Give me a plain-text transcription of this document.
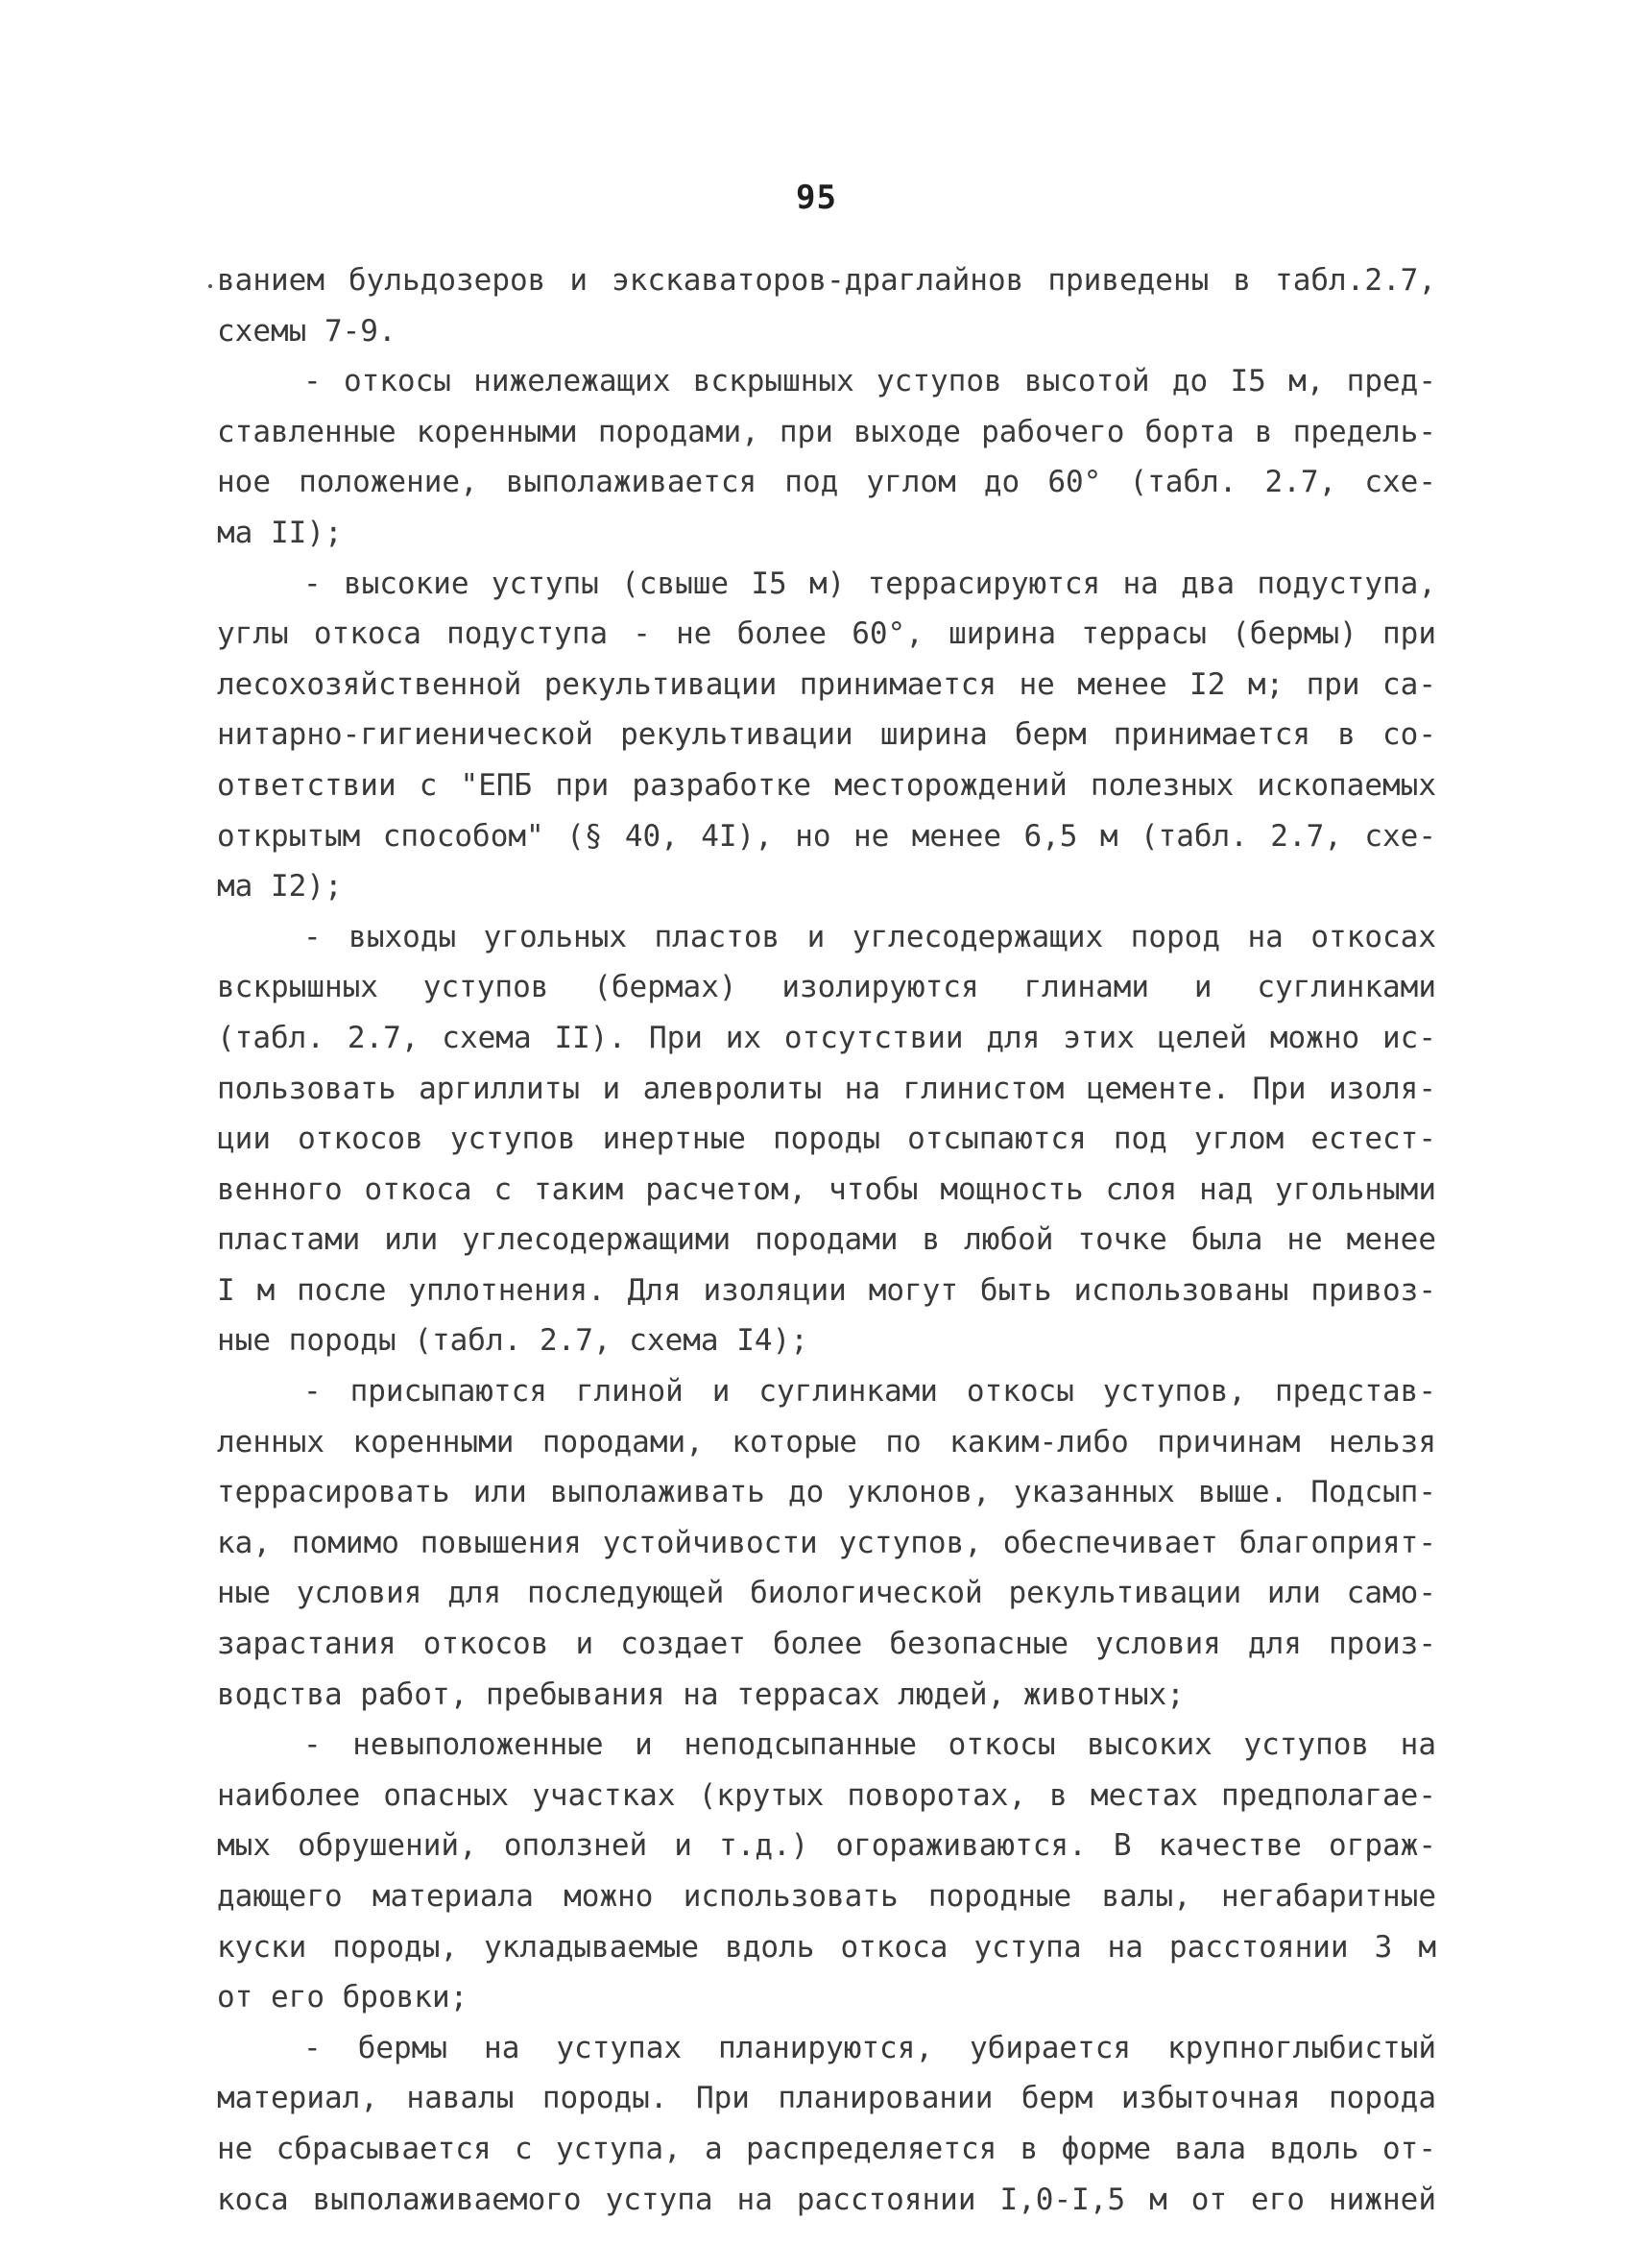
95
ванием бульдозеров и экскаваторов-драглайнов приведены в табл.2.7,
схемы 7-9.
- откосы нижележащих вскрышных уступов высотой до I5 м, пред-
ставленные коренными породами, при выходе рабочего борта в предель-
ное положение, выполаживается под углом до 60° (табл. 2.7, схе-
ма II);
- высокие уступы (свыше I5 м) террасируются на два подуступа,
углы откоса подуступа - не более 60°, ширина террасы (бермы) при
лесохозяйственной рекультивации принимается не менее I2 м; при са-
нитарно-гигиенической рекультивации ширина берм принимается в со-
ответствии с "ЕПБ при разработке месторождений полезных ископаемых
открытым способом" (§ 40, 4I), но не менее 6,5 м (табл. 2.7, схе-
ма I2);
- выходы угольных пластов и углесодержащих пород на откосах
вскрышных уступов (бермах) изолируются глинами и суглинками
(табл. 2.7, схема II). При их отсутствии для этих целей можно ис-
пользовать аргиллиты и алевролиты на глинистом цементе. При изоля-
ции откосов уступов инертные породы отсыпаются под углом естест-
венного откоса с таким расчетом, чтобы мощность слоя над угольными
пластами или углесодержащими породами в любой точке была не менее
I м после уплотнения. Для изоляции могут быть использованы привоз-
ные породы (табл. 2.7, схема I4);
- присыпаются глиной и суглинками откосы уступов, представ-
ленных коренными породами, которые по каким-либо причинам нельзя
террасировать или выполаживать до уклонов, указанных выше. Подсып-
ка, помимо повышения устойчивости уступов, обеспечивает благоприят-
ные условия для последующей биологической рекультивации или само-
зарастания откосов и создает более безопасные условия для произ-
водства работ, пребывания на террасах людей, животных;
- невыположенные и неподсыпанные откосы высоких уступов на
наиболее опасных участках (крутых поворотах, в местах предполагае-
мых обрушений, оползней и т.д.) огораживаются. В качестве ограж-
дающего материала можно использовать породные валы, негабаритные
куски породы, укладываемые вдоль откоса уступа на расстоянии 3 м
от его бровки;
- бермы на уступах планируются, убирается крупноглыбистый
материал, навалы породы. При планировании берм избыточная порода
не сбрасывается с уступа, а распределяется в форме вала вдоль от-
коса выполаживаемого уступа на расстоянии I,0-I,5 м от его нижней
